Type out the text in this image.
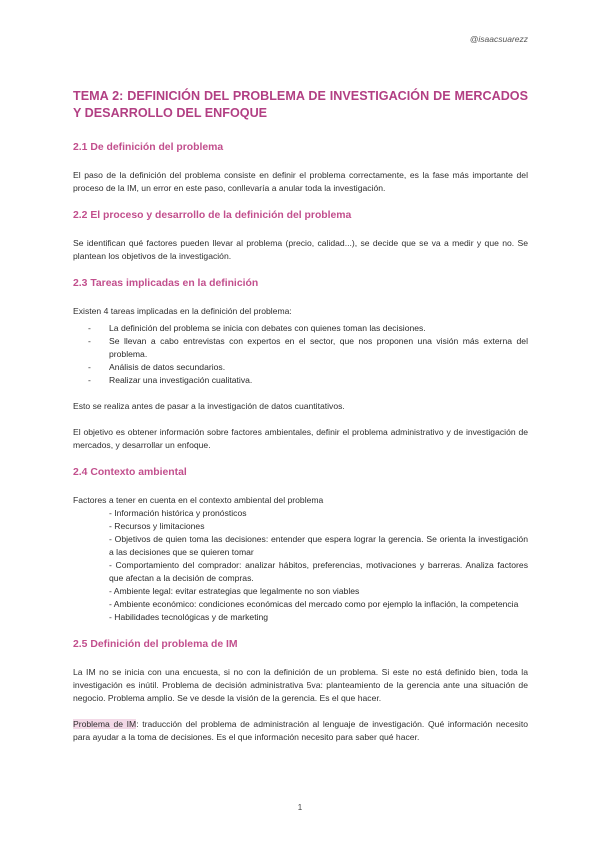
@isaacsuarezz
TEMA 2: DEFINICIÓN DEL PROBLEMA DE INVESTIGACIÓN DE MERCADOS Y DESARROLLO DEL ENFOQUE
2.1 De definición del problema

El paso de la definición del problema consiste en definir el problema correctamente, es la fase más importante del proceso de la IM, un error en este paso, conllevaría a anular toda la investigación.

2.2 El proceso y desarrollo de la definición del problema

Se identifican qué factores pueden llevar al problema (precio, calidad...), se decide que se va a medir y que no. Se plantean los objetivos de la investigación.

2.3 Tareas implicadas en la definición

Existen 4 tareas implicadas en la definición del problema:

- La definición del problema se inicia con debates con quienes toman las decisiones.
- Se llevan a cabo entrevistas con expertos en el sector, que nos proponen una visión más externa del problema.
- Análisis de datos secundarios.
- Realizar una investigación cualitativa.

Esto se realiza antes de pasar a la investigación de datos cuantitativos.

El objetivo es obtener información sobre factores ambientales, definir el problema administrativo y de investigación de mercados, y desarrollar un enfoque.

2.4 Contexto ambiental

Factores a tener en cuenta en el contexto ambiental del problema

- Información histórica y pronósticos
- Recursos y limitaciones
- Objetivos de quien toma las decisiones: entender que espera lograr la gerencia. Se orienta la investigación a las decisiones que se quieren tomar
- Comportamiento del comprador: analizar hábitos, preferencias, motivaciones y barreras. Analiza factores que afectan a la decisión de compras.
- Ambiente legal: evitar estrategias que legalmente no son viables
- Ambiente económico: condiciones económicas del mercado como por ejemplo la inflación, la competencia
- Habilidades tecnológicas y de marketing
2.5 Definición del problema de IM

La IM no se inicia con una encuesta, si no con la definición de un problema. Si este no está definido bien, toda la investigación es inútil. Problema de decisión administrativa 5va: planteamiento de la gerencia ante una situación de negocio. Problema amplio. Se ve desde la visión de la gerencia. Es el que hacer.

Problema de IM: traducción del problema de administración al lenguaje de investigación. Qué información necesito para ayudar a la toma de decisiones. Es el que información necesito para saber qué hacer.

1
